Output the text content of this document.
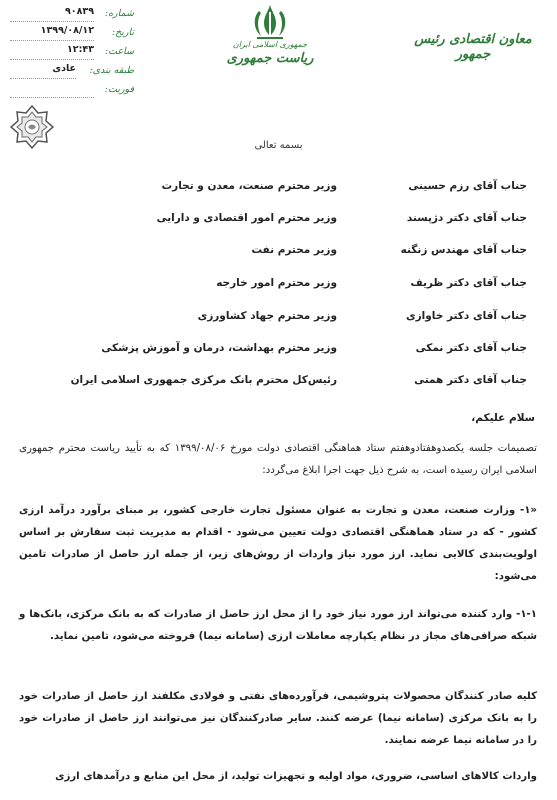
معاون اقتصادی رئیس جمهور
جمهوری اسلامی ایران
ریاست جمهوری
شماره:
۹۰۸۳۹
تاریخ:
۱۳۹۹/۰۸/۱۲
ساعت:
۱۲:۴۳
طبقه بندی:
عادی
فوریت:
بسمه تعالی
جناب آقای رزم حسینی
وزیر محترم صنعت، معدن و تجارت
جناب آقای دکتر دژپسند
وزیر محترم امور اقتصادی و دارایی
جناب آقای مهندس زنگنه
وزیر محترم نفت
جناب آقای دکتر ظریف
وزیر محترم امور خارجه
جناب آقای دکتر خاوازی
وزیر محترم جهاد کشاورزی
جناب آقای دکتر نمکی
وزیر محترم بهداشت، درمان و آموزش پزشکی
جناب آقای دکتر همتی
رئیس‌کل محترم بانک مرکزی جمهوری اسلامی ایران
سلام علیکم،
تصمیمات جلسه یکصدوهفتادوهفتم ستاد هماهنگی اقتصادی دولت مورخ ۱۳۹۹/۰۸/۰۶ که به تأیید ریاست محترم جمهوری اسلامی ایران رسیده است، به شرح ذیل جهت اجرا ابلاغ می‌گردد:
«۱- وزارت صنعت، معدن و تجارت به عنوان مسئول تجارت خارجی کشور، بر مبنای برآورد درآمد ارزی کشور - که در ستاد هماهنگی اقتصادی دولت تعیین می‌شود - اقدام به مدیریت ثبت سفارش بر اساس اولویت‌بندی کالایی نماید. ارز مورد نیاز واردات از روش‌های زیر، از جمله ارز حاصل از صادرات تامین می‌شود:
۱-۱- وارد کننده می‌تواند ارز مورد نیاز خود را از محل ارز حاصل از صادرات که به بانک مرکزی، بانک‌ها و شبکه صرافی‌های مجاز در نظام یکپارچه معاملات ارزی (سامانه نیما) فروخته می‌شود، تامین نماید.
کلیه صادر کنندگان محصولات پتروشیمی، فرآورده‌های نفتی و فولادی مکلفند ارز حاصل از صادرات خود را به بانک مرکزی (سامانه نیما) عرضه کنند. سایر صادرکنندگان نیز می‌توانند ارز حاصل از صادرات خود را در سامانه نیما عرضه نمایند.
واردات کالاهای اساسی، ضروری، مواد اولیه و تجهیزات تولید، از محل این منابع و درآمدهای ارزی
